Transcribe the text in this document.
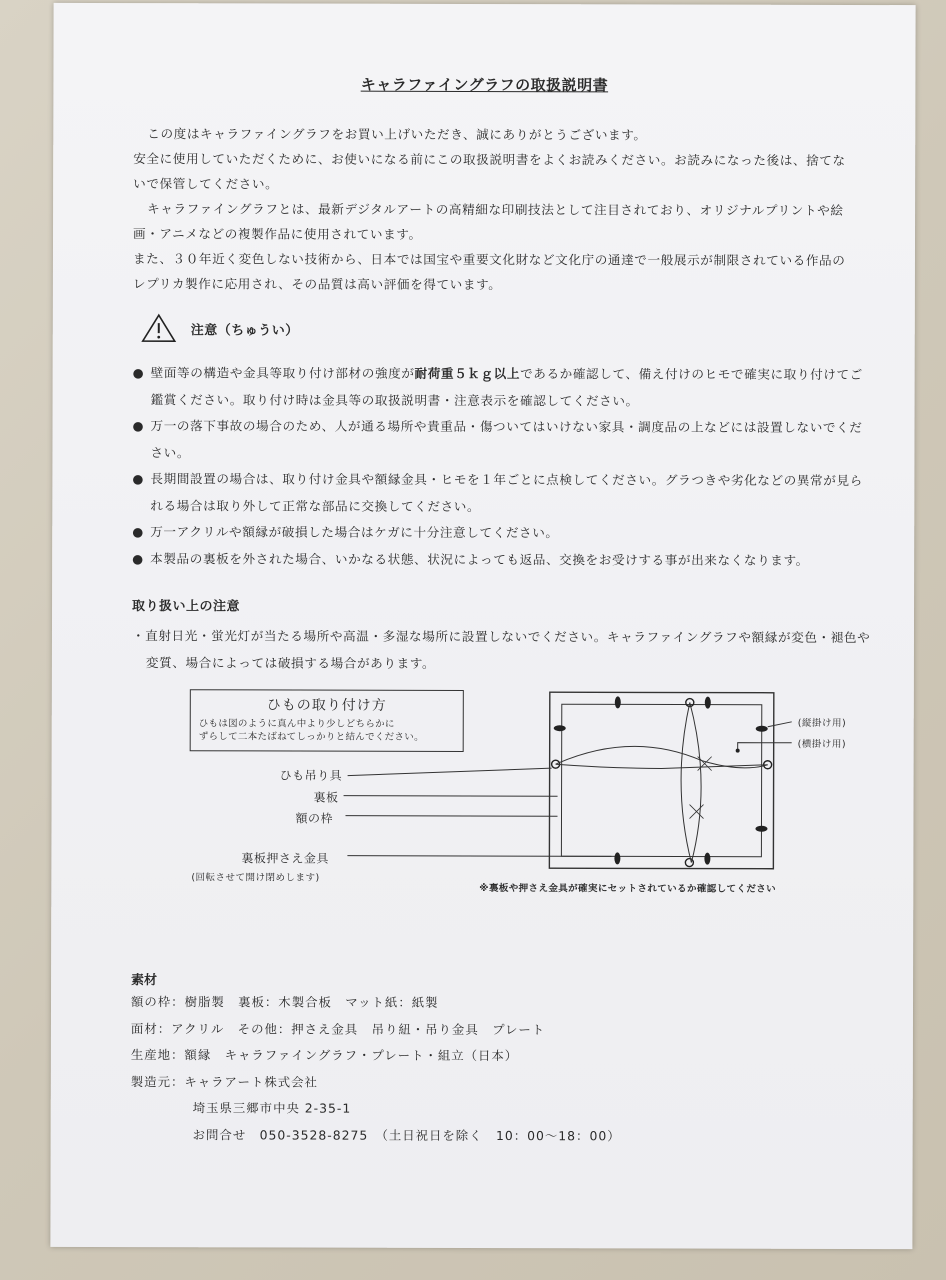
キャラファイングラフの取扱説明書

この度はキャラファイングラフをお買い上げいただき、誠にありがとうございます。

安全に使用していただくために、お使いになる前にこの取扱説明書をよくお読みください。お読みになった後は、捨てないで保管してください。

キャラファイングラフとは、最新デジタルアートの高精細な印刷技法として注目されており、オリジナルプリントや絵画・アニメなどの複製作品に使用されています。

また、３０年近く変色しない技術から、日本では国宝や重要文化財など文化庁の通達で一般展示が制限されている作品のレプリカ製作に応用され、その品質は高い評価を得ています。

注意（ちゅうい）

● 壁面等の構造や金具等取り付け部材の強度が耐荷重５ｋｇ以上であるか確認して、備え付けのヒモで確実に取り付けてご鑑賞ください。取り付け時は金具等の取扱説明書・注意表示を確認してください。

● 万一の落下事故の場合のため、人が通る場所や貴重品・傷ついてはいけない家具・調度品の上などには設置しないでください。

● 長期間設置の場合は、取り付け金具や額縁金具・ヒモを１年ごとに点検してください。グラつきや劣化などの異常が見られる場合は取り外して正常な部品に交換してください。

● 万一アクリルや額縁が破損した場合はケガに十分注意してください。

● 本製品の裏板を外された場合、いかなる状態、状況によっても返品、交換をお受けする事が出来なくなります。

取り扱い上の注意

・直射日光・蛍光灯が当たる場所や高温・多湿な場所に設置しないでください。キャラファイングラフや額縁が変色・褪色や変質、場合によっては破損する場合があります。

ひもの取り付け方
ひもは図のように真ん中より少しどちらかに
ずらして二本たばねてしっかりと結んでください。
ひも吊り具
裏板
額の枠
裏板押さえ金具
(回転させて開け閉めします)
(縦掛け用)
(横掛け用)
※裏板や押さえ金具が確実にセットされているか確認してください
素材

額の枠：樹脂製　裏板：木製合板　マット紙：紙製

面材：アクリル　その他：押さえ金具　吊り紐・吊り金具　プレート

生産地：額縁　キャラファイングラフ・プレート・組立（日本）

製造元：キャラアート株式会社

埼玉県三郷市中央 2-35-1

お問合せ　050-3528-8275　（土日祝日を除く　10：00〜18：00）
